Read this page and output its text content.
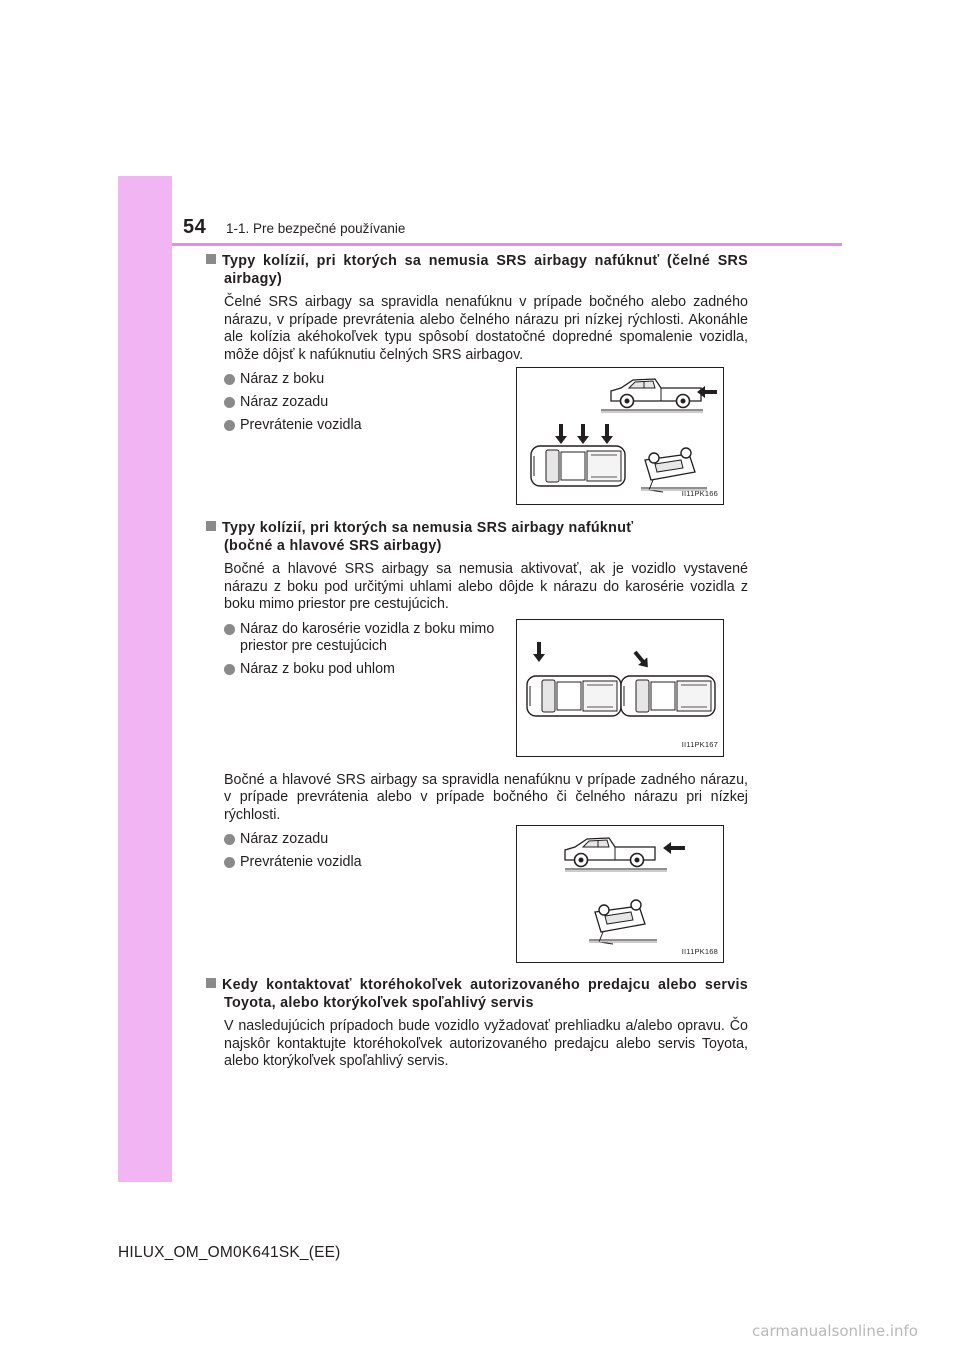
54 1-1. Pre bezpečné používanie
Typy kolízií, pri ktorých sa nemusia SRS airbagy nafúknuť (čelné SRS airbagy)
Čelné SRS airbagy sa spravidla nenafúknu v prípade bočného alebo zadného nárazu, v prípade prevrátenia alebo čelného nárazu pri nízkej rýchlosti. Akonáhle ale kolízia akéhokoľvek typu spôsobí dostatočné dopredné spomalenie vozidla, môže dôjsť k nafúknutiu čelných SRS airbagov.
Náraz z boku
Náraz zozadu
Prevrátenie vozidla
II11PK166
Typy kolízií, pri ktorých sa nemusia SRS airbagy nafúknuť
(bočné a hlavové SRS airbagy)
Bočné a hlavové SRS airbagy sa nemusia aktivovať, ak je vozidlo vystavené nárazu z boku pod určitými uhlami alebo dôjde k nárazu do karosérie vozidla z boku mimo priestor pre cestujúcich.
Náraz do karosérie vozidla z boku mimo priestor pre cestujúcich
Náraz z boku pod uhlom
II11PK167
Bočné a hlavové SRS airbagy sa spravidla nenafúknu v prípade zadného nárazu, v prípade prevrátenia alebo v prípade bočného či čelného nárazu pri nízkej rýchlosti.
Náraz zozadu
Prevrátenie vozidla
II11PK168
Kedy kontaktovať ktoréhokoľvek autorizovaného predajcu alebo servis Toyota, alebo ktorýkoľvek spoľahlivý servis
V nasledujúcich prípadoch bude vozidlo vyžadovať prehliadku a/alebo opravu. Čo najskôr kontaktujte ktoréhokoľvek autorizovaného predajcu alebo servis Toyota, alebo ktorýkoľvek spoľahlivý servis.
HILUX_OM_OM0K641SK_(EE)
carmanualsonline.info
